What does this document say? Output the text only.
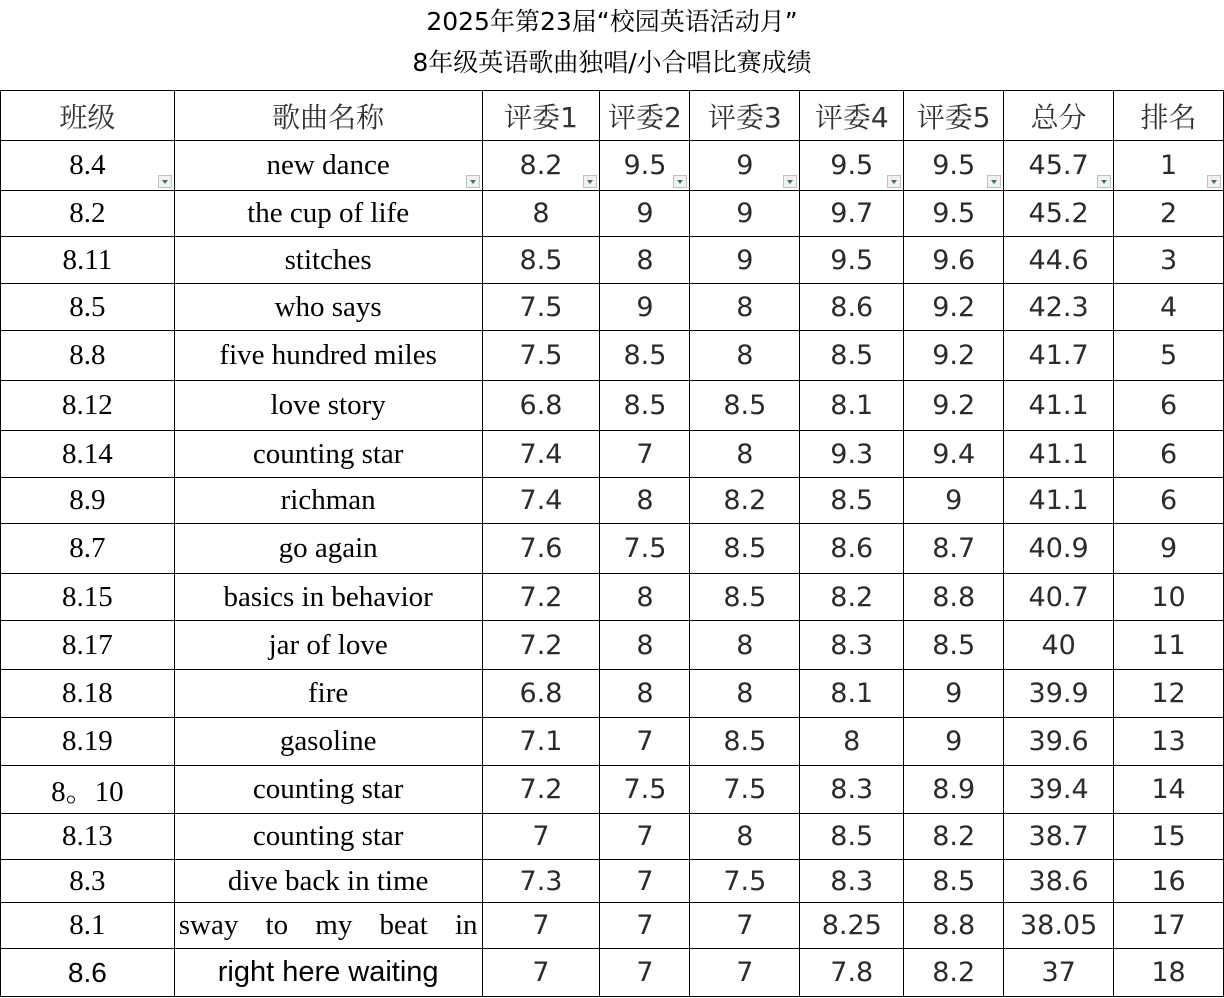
2025年第23届“校园英语活动月”
8年级英语歌曲独唱/小合唱比赛成绩
班级	歌曲名称	评委1	评委2	评委3	评委4	评委5	总分	排名
8.4	new dance	8.2	9.5	9	9.5	9.5	45.7	1

8.2	the cup of life	8	9	9	9.7	9.5	45.2	2
8.11	stitches	8.5	8	9	9.5	9.6	44.6	3
8.5	who says	7.5	9	8	8.6	9.2	42.3	4
8.8	five hundred miles	7.5	8.5	8	8.5	9.2	41.7	5
8.12	love story	6.8	8.5	8.5	8.1	9.2	41.1	6
8.14	counting star	7.4	7	8	9.3	9.4	41.1	6
8.9	richman	7.4	8	8.2	8.5	9	41.1	6
8.7	go again	7.6	7.5	8.5	8.6	8.7	40.9	9
8.15	basics in behavior	7.2	8	8.5	8.2	8.8	40.7	10
8.17	jar of love	7.2	8	8	8.3	8.5	40	11
8.18	fire	6.8	8	8	8.1	9	39.9	12
8.19	gasoline	7.1	7	8.5	8	9	39.6	13
8。10	counting star	7.2	7.5	7.5	8.3	8.9	39.4	14
8.13	counting star	7	7	8	8.5	8.2	38.7	15
8.3	dive back in time	7.3	7	7.5	8.3	8.5	38.6	16
8.1	sway to my beat in	7	7	7	8.25	8.8	38.05	17
8.6	right here waiting	7	7	7	7.8	8.2	37	18
